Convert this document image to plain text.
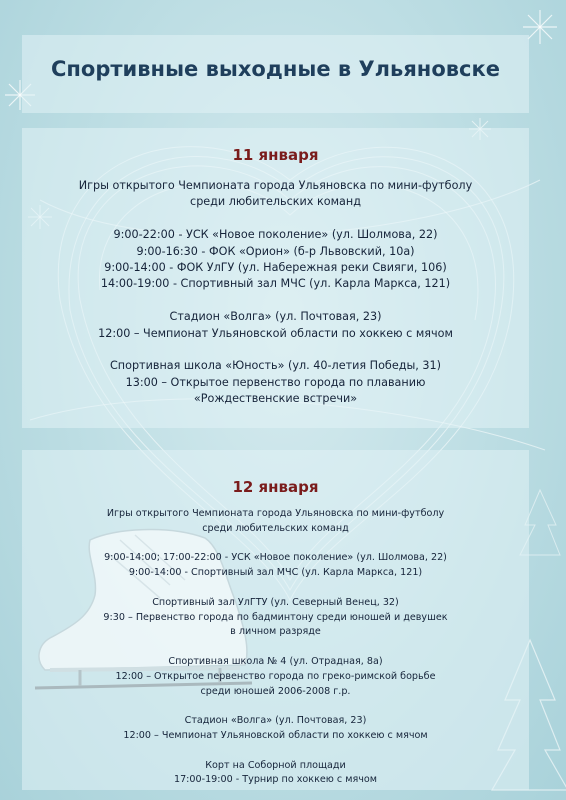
Спортивные выходные в Ульяновске
11 января

Игры открытого Чемпионата города Ульяновска по мини-футболу

среди любительских команд

9:00-22:00 - УСК «Новое поколение» (ул. Шолмова, 22)

9:00-16:30 - ФОК «Орион» (б-р Львовский, 10а)

9:00-14:00 - ФОК УлГУ (ул. Набережная реки Свияги, 106)

14:00-19:00 - Спортивный зал МЧС (ул. Карла Маркса, 121)

Стадион «Волга» (ул. Почтовая, 23)

12:00 – Чемпионат Ульяновской области по хоккею с мячом

Спортивная школа «Юность» (ул. 40-летия Победы, 31)

13:00 – Открытое первенство города по плаванию

«Рождественские встречи»

12 января

Игры открытого Чемпионата города Ульяновска по мини-футболу

среди любительских команд

9:00-14:00; 17:00-22:00 - УСК «Новое поколение» (ул. Шолмова, 22)

9:00-14:00 - Спортивный зал МЧС (ул. Карла Маркса, 121)

Спортивный зал УлГТУ (ул. Северный Венец, 32)

9:30 – Первенство города по бадминтону среди юношей и девушек

в личном разряде

Спортивная школа № 4 (ул. Отрадная, 8а)

12:00 – Открытое первенство города по греко-римской борьбе

среди юношей 2006-2008 г.р.

Стадион «Волга» (ул. Почтовая, 23)

12:00 – Чемпионат Ульяновской области по хоккею с мячом

Корт на Соборной площади

17:00-19:00 - Турнир по хоккею с мячом
